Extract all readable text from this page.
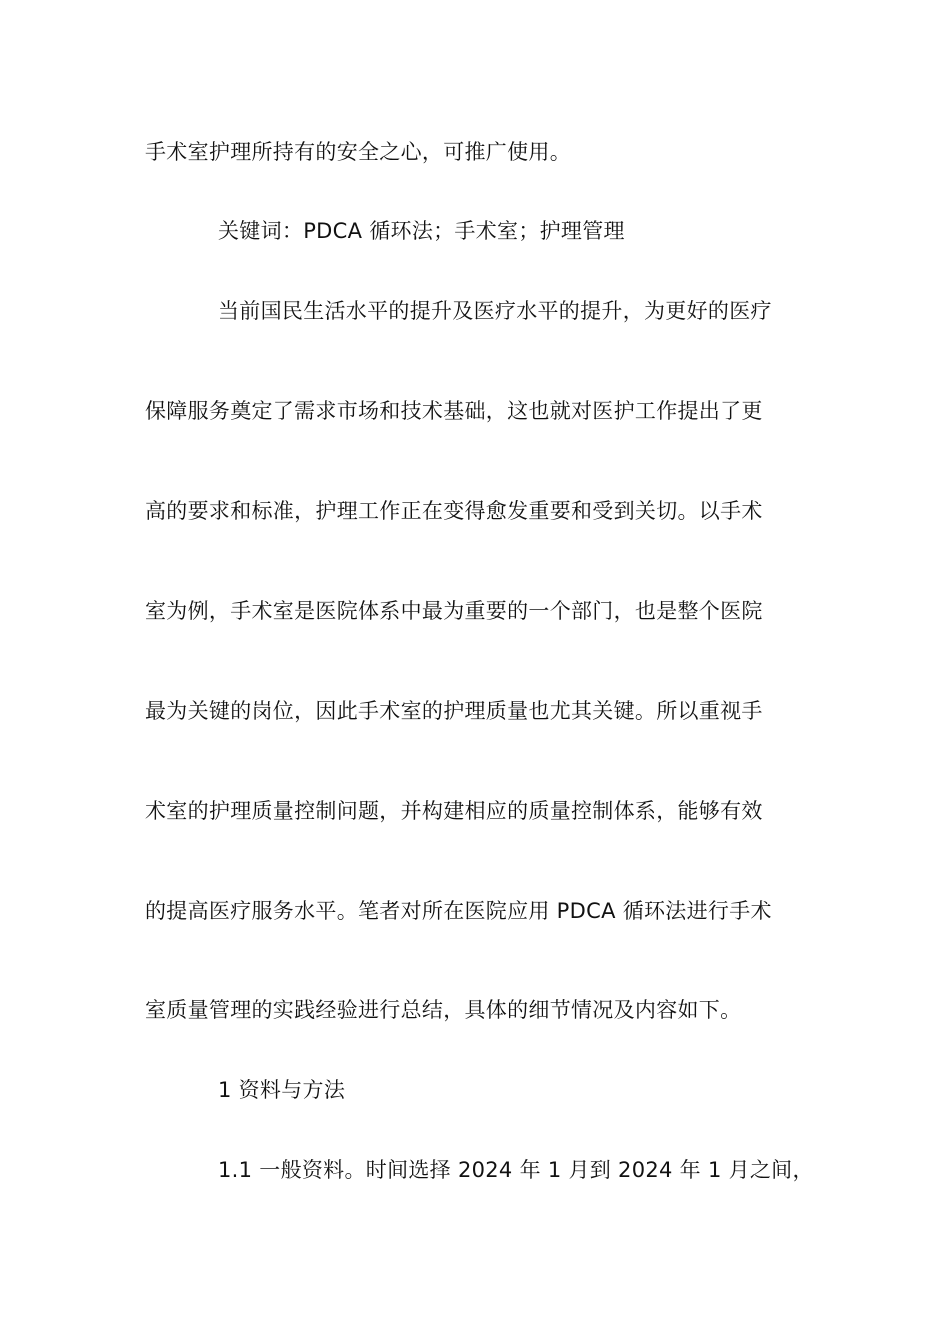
手术室护理所持有的安全之心，可推广使用。
关键词：PDCA 循环法；手术室；护理管理
当前国民生活水平的提升及医疗水平的提升，为更好的医疗
保障服务奠定了需求市场和技术基础，这也就对医护工作提出了更
高的要求和标准，护理工作正在变得愈发重要和受到关切。以手术
室为例，手术室是医院体系中最为重要的一个部门，也是整个医院
最为关键的岗位，因此手术室的护理质量也尤其关键。所以重视手
术室的护理质量控制问题，并构建相应的质量控制体系，能够有效
的提高医疗服务水平。笔者对所在医院应用 PDCA 循环法进行手术
室质量管理的实践经验进行总结，具体的细节情况及内容如下。
1 资料与方法
1.1 一般资料。时间选择 2024 年 1 月到 2024 年 1 月之间，
